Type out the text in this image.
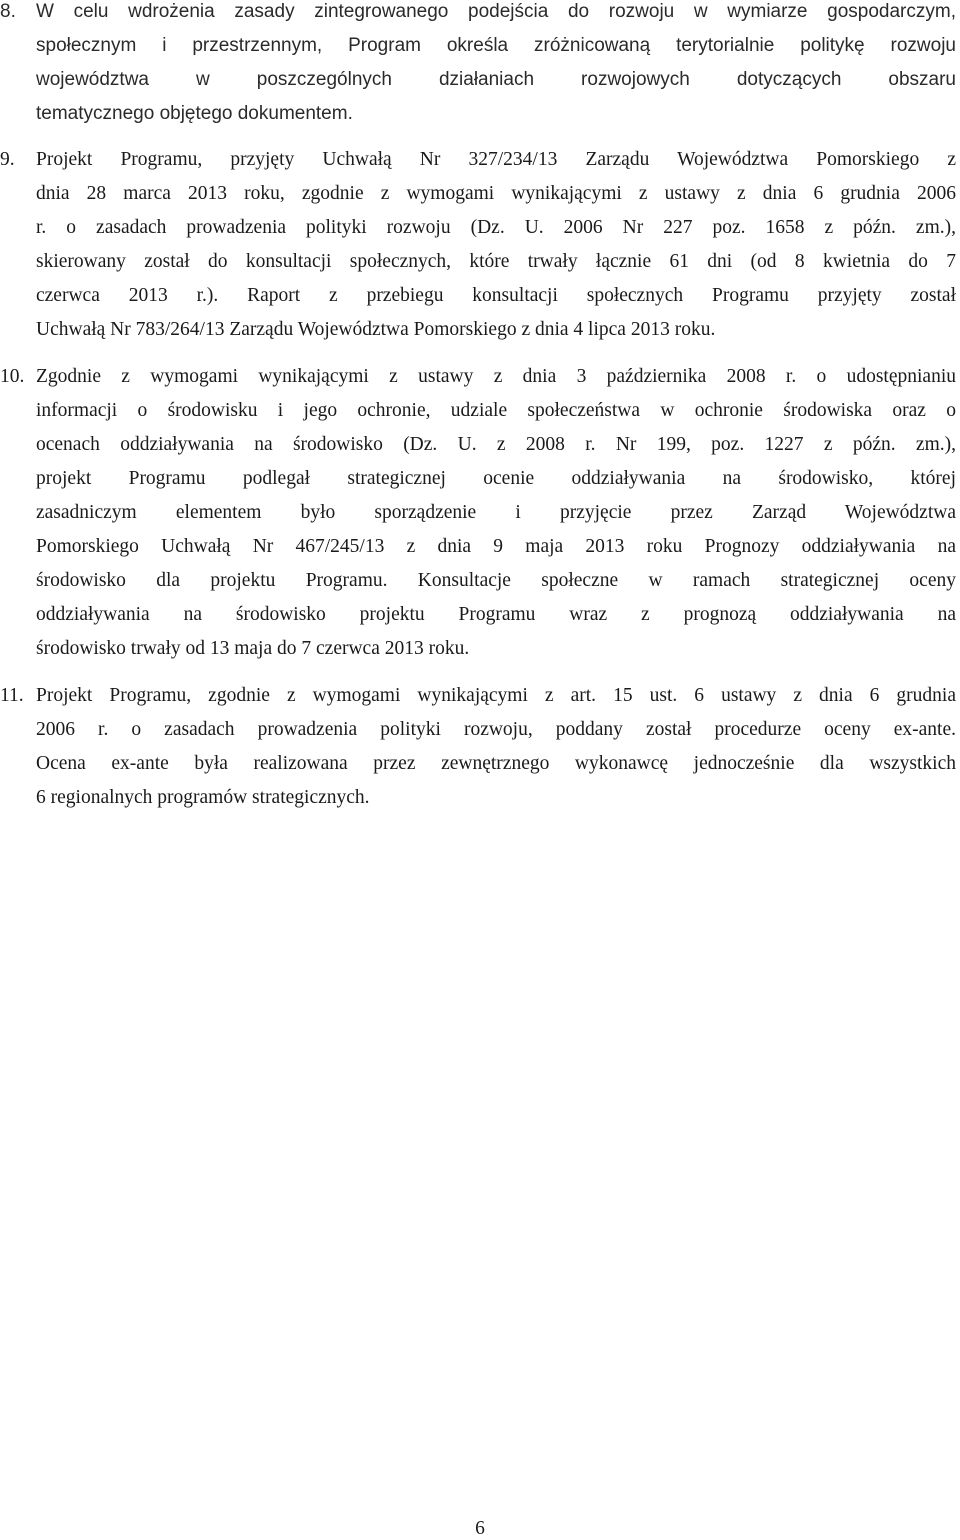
8. W celu wdrożenia zasady zintegrowanego podejścia do rozwoju w wymiarze gospodarczym,
społecznym i przestrzennym, Program określa zróżnicowaną terytorialnie politykę rozwoju
województwa w poszczególnych działaniach rozwojowych dotyczących obszaru
tematycznego objętego dokumentem.
9. Projekt Programu, przyjęty Uchwałą Nr 327/234/13 Zarządu Województwa Pomorskiego z
dnia 28 marca 2013 roku, zgodnie z wymogami wynikającymi z ustawy z dnia 6 grudnia 2006
r. o zasadach prowadzenia polityki rozwoju (Dz. U. 2006 Nr 227 poz. 1658 z późn. zm.),
skierowany został do konsultacji społecznych, które trwały łącznie 61 dni (od 8 kwietnia do 7
czerwca 2013 r.). Raport z przebiegu konsultacji społecznych Programu przyjęty został
Uchwałą Nr 783/264/13 Zarządu Województwa Pomorskiego z dnia 4 lipca 2013 roku.
10. Zgodnie z wymogami wynikającymi z ustawy z dnia 3 października 2008 r. o udostępnianiu
informacji o środowisku i jego ochronie, udziale społeczeństwa w ochronie środowiska oraz o
ocenach oddziaływania na środowisko (Dz. U. z 2008 r. Nr 199, poz. 1227 z późn. zm.),
projekt Programu podlegał strategicznej ocenie oddziaływania na środowisko, której
zasadniczym elementem było sporządzenie i przyjęcie przez Zarząd Województwa
Pomorskiego Uchwałą Nr 467/245/13 z dnia 9 maja 2013 roku Prognozy oddziaływania na
środowisko dla projektu Programu. Konsultacje społeczne w ramach strategicznej oceny
oddziaływania na środowisko projektu Programu wraz z prognozą oddziaływania na
środowisko trwały od 13 maja do 7 czerwca 2013 roku.
11. Projekt Programu, zgodnie z wymogami wynikającymi z art. 15 ust. 6 ustawy z dnia 6 grudnia
2006 r. o zasadach prowadzenia polityki rozwoju, poddany został procedurze oceny ex-ante.
Ocena ex-ante była realizowana przez zewnętrznego wykonawcę jednocześnie dla wszystkich
6 regionalnych programów strategicznych.
6
